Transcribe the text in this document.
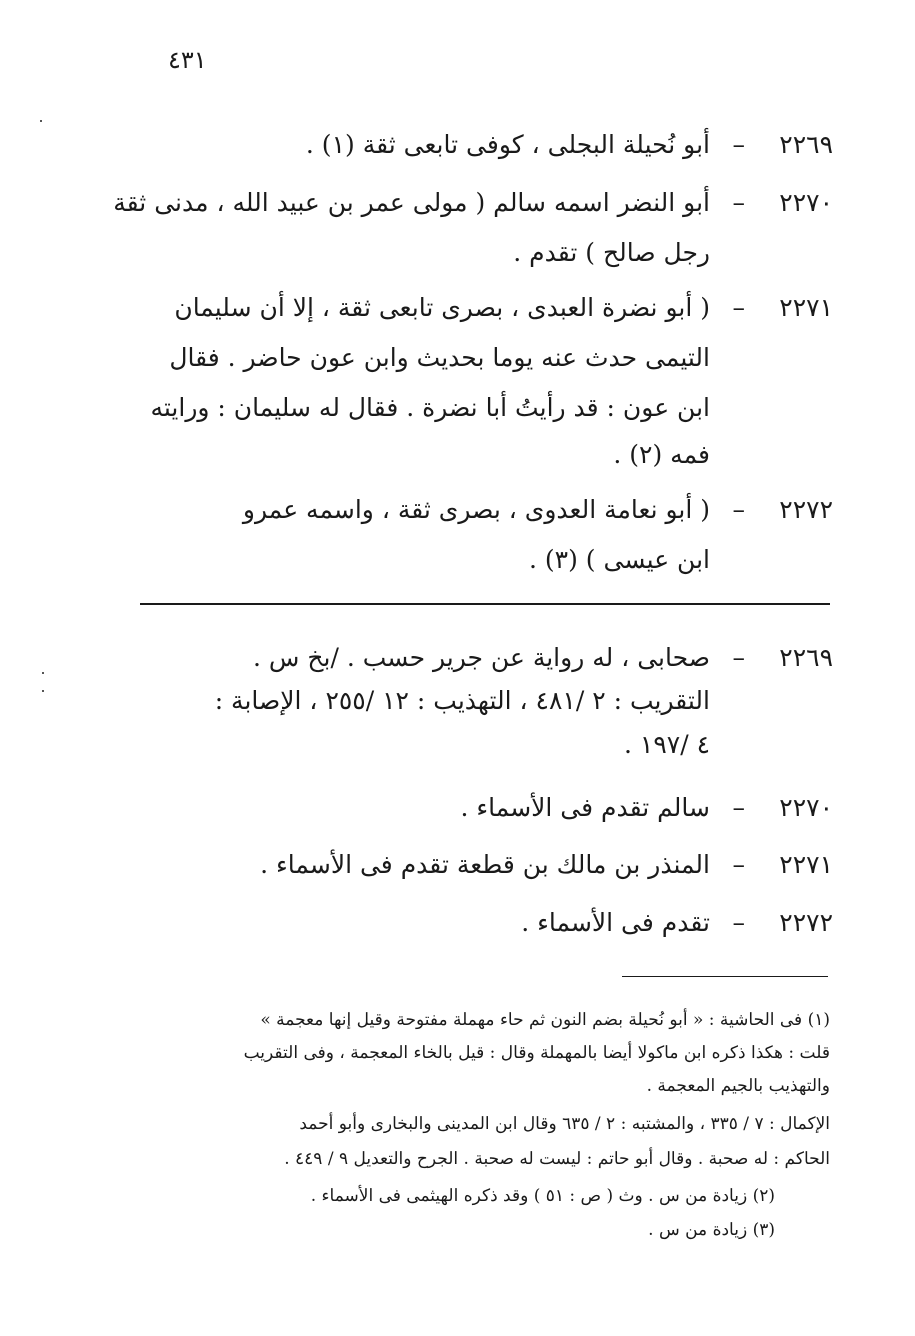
٤٣١
٢٢٦٩
–
أبو نُحيلة البجلى ، كوفى تابعى ثقة (١) .
٢٢٧٠
–
أبو النضر اسمه سالم ( مولى عمر بن عبيد الله ، مدنى ثقة
رجل صالح ) تقدم .
٢٢٧١
–
( أبو نضرة العبدى ، بصرى تابعى ثقة ، إلا أن سليمان
التيمى حدث عنه يوما بحديث وابن عون حاضر . فقال
ابن عون : قد رأيتُ أبا نضرة . فقال له سليمان : ورايته
فمه (٢) .
٢٢٧٢
–
( أبو نعامة العدوى ، بصرى ثقة ، واسمه عمرو
ابن عيسى ) (٣) .
٢٢٦٩
–
صحابى ، له رواية عن جرير حسب . /بخ س .
التقريب : ٢ /٤٨١ ، التهذيب : ١٢ /٢٥٥ ، الإصابة :
٤ /١٩٧ .
٢٢٧٠
–
سالم تقدم فى الأسماء .
٢٢٧١
–
المنذر بن مالك بن قطعة تقدم فى الأسماء .
٢٢٧٢
–
تقدم فى الأسماء .
(١) فى الحاشية : « أبو نُحيلة بضم النون ثم حاء مهملة مفتوحة وقيل إنها معجمة »
قلت : هكذا ذكره ابن ماكولا أيضا بالمهملة وقال : قيل بالخاء المعجمة ، وفى التقريب
والتهذيب بالجيم المعجمة .
الإكمال : ٧ / ٣٣٥ ، والمشتبه : ٢ / ٦٣٥ وقال ابن المدينى والبخارى وأبو أحمد
الحاكم : له صحبة . وقال أبو حاتم : ليست له صحبة . الجرح والتعديل ٩ / ٤٤٩ .
(٢) زيادة من س . وث ( ص : ٥١ ) وقد ذكره الهيثمى فى الأسماء .
(٣) زيادة من س .
